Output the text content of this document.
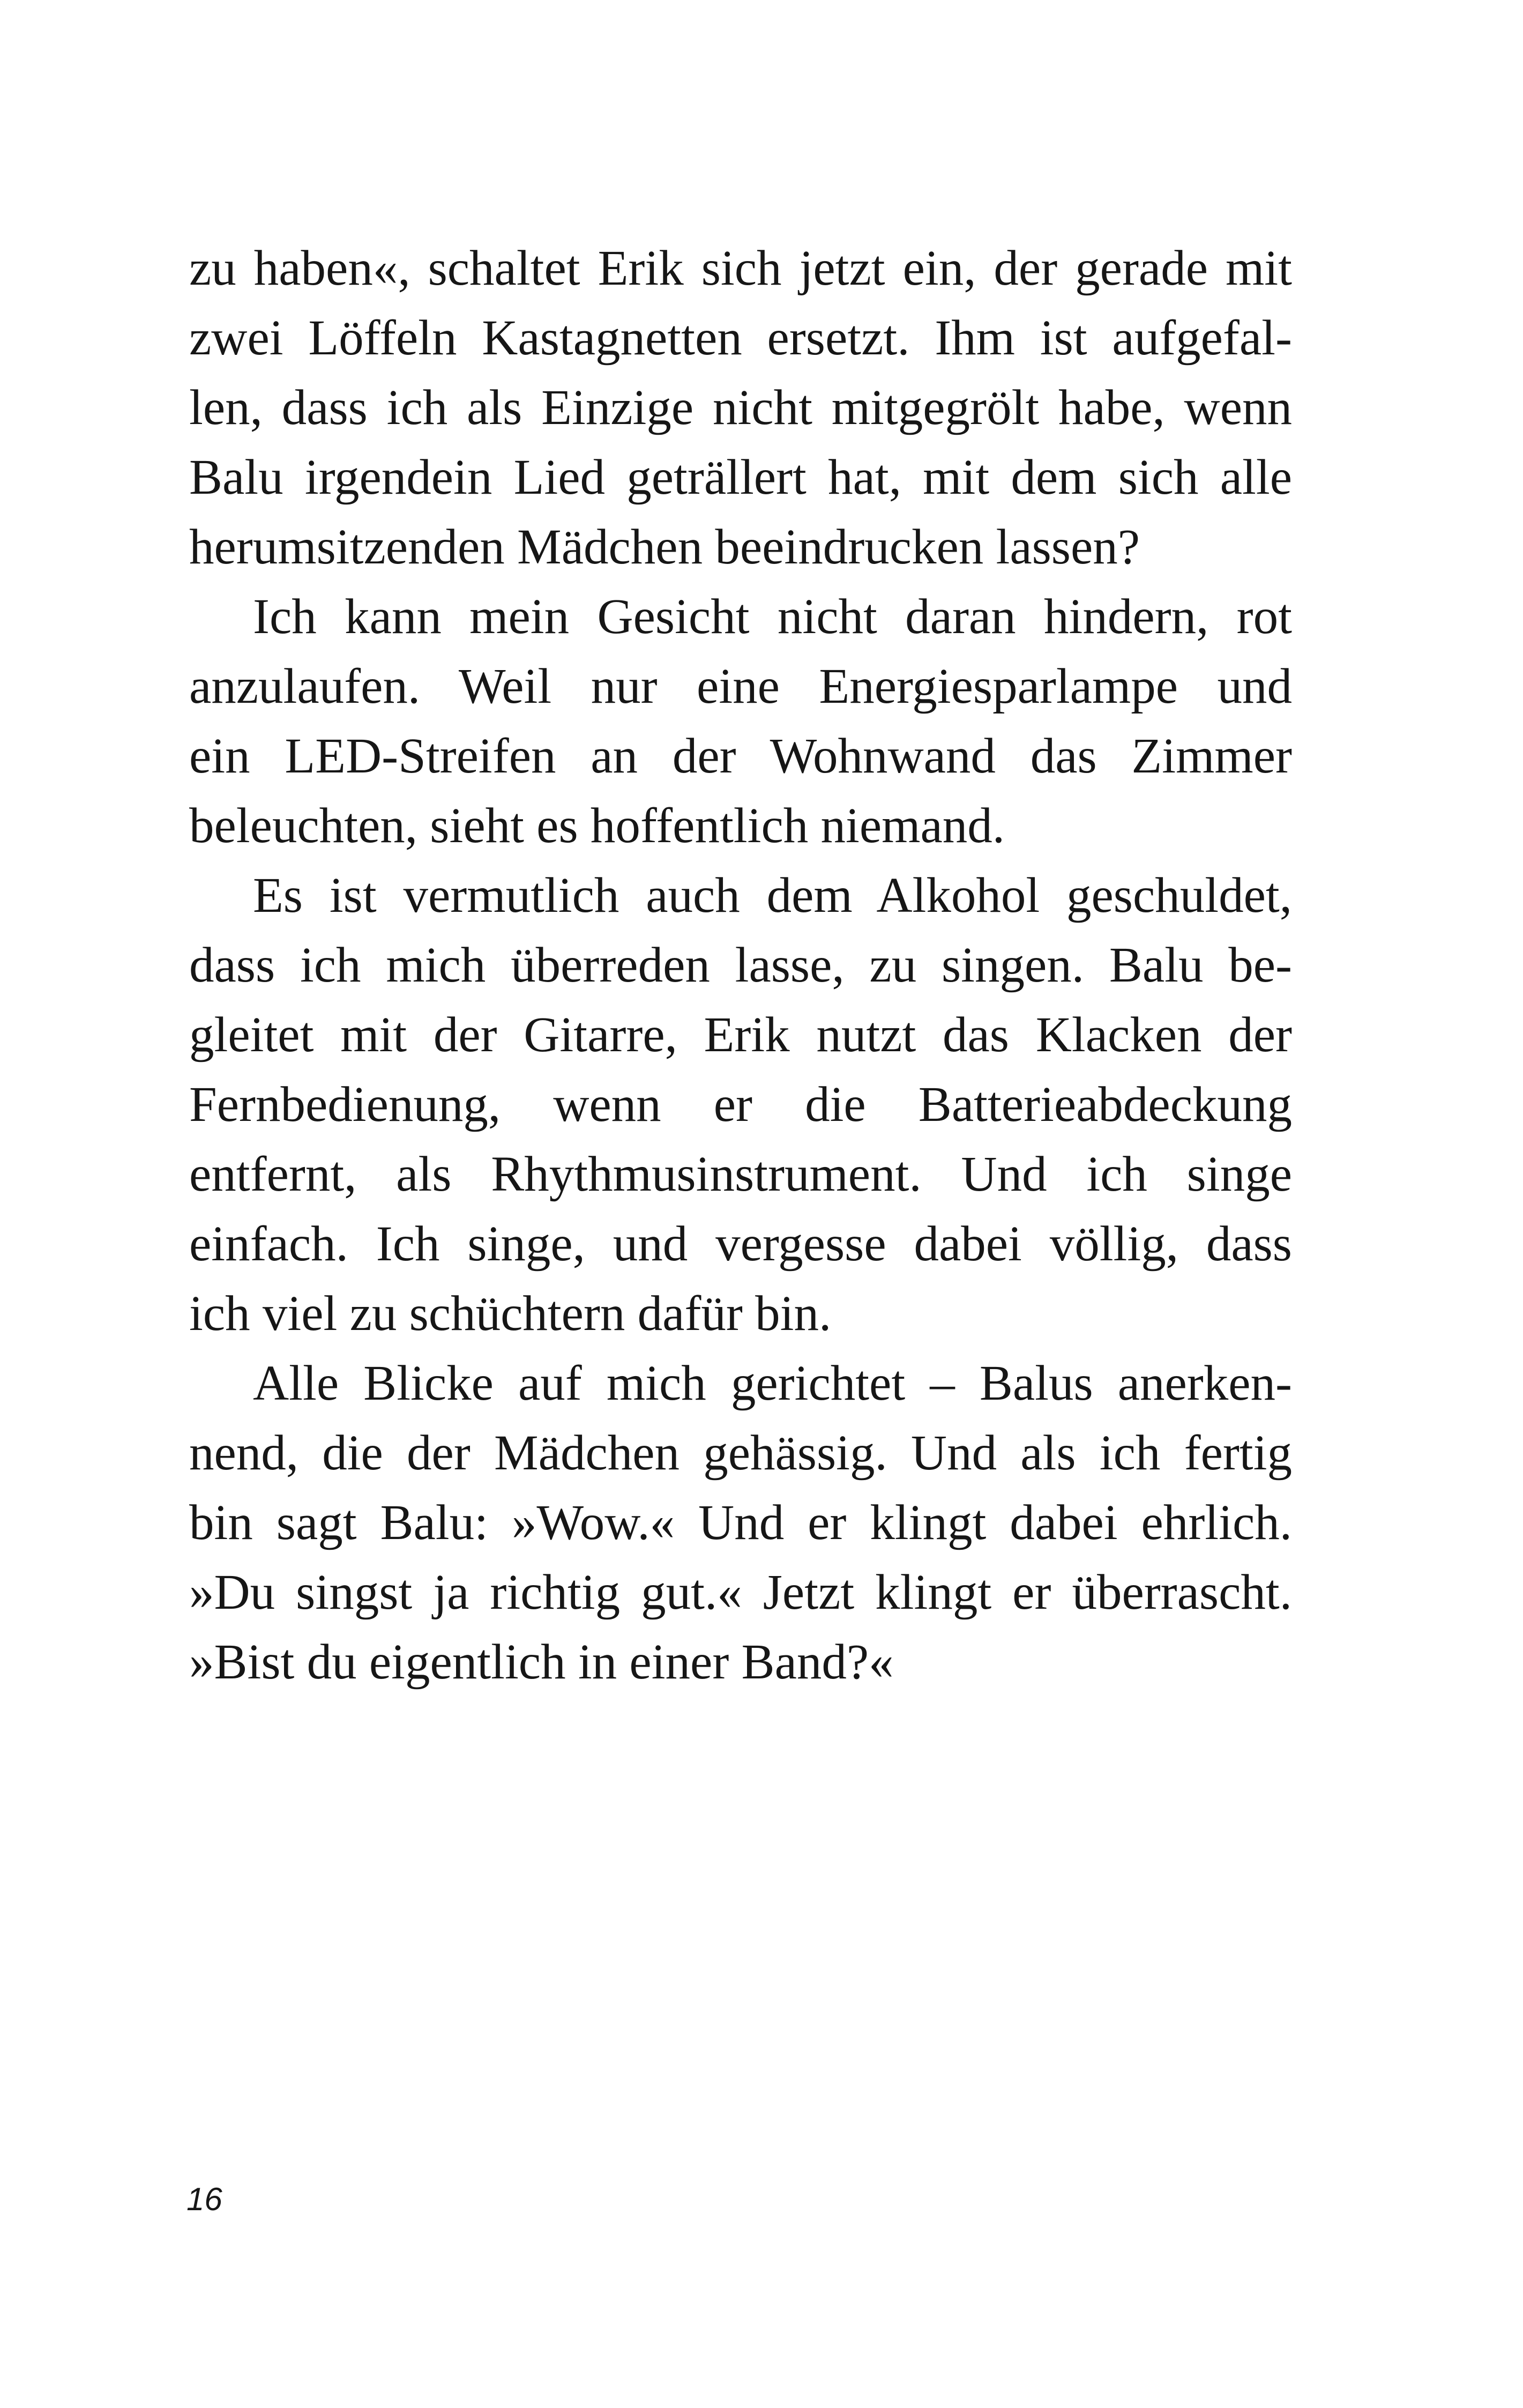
zu haben«, schaltet Erik sich jetzt ein, der gerade mit
zwei Löffeln Kastagnetten ersetzt. Ihm ist aufgefal-
len, dass ich als Einzige nicht mitgegrölt habe, wenn
Balu irgendein Lied geträllert hat, mit dem sich alle
herumsitzenden Mädchen beeindrucken lassen?
Ich kann mein Gesicht nicht daran hindern, rot
anzulaufen. Weil nur eine Energiesparlampe und
ein LED-Streifen an der Wohnwand das Zimmer
beleuchten, sieht es hoffentlich niemand.
Es ist vermutlich auch dem Alkohol geschuldet,
dass ich mich überreden lasse, zu singen. Balu be-
gleitet mit der Gitarre, Erik nutzt das Klacken der
Fernbedienung, wenn er die Batterieabdeckung
entfernt, als Rhythmusinstrument. Und ich singe
einfach. Ich singe, und vergesse dabei völlig, dass
ich viel zu schüchtern dafür bin.
Alle Blicke auf mich gerichtet – Balus anerken-
nend, die der Mädchen gehässig. Und als ich fertig
bin sagt Balu: »Wow.« Und er klingt dabei ehrlich.
»Du singst ja richtig gut.« Jetzt klingt er überrascht.
»Bist du eigentlich in einer Band?«
16
